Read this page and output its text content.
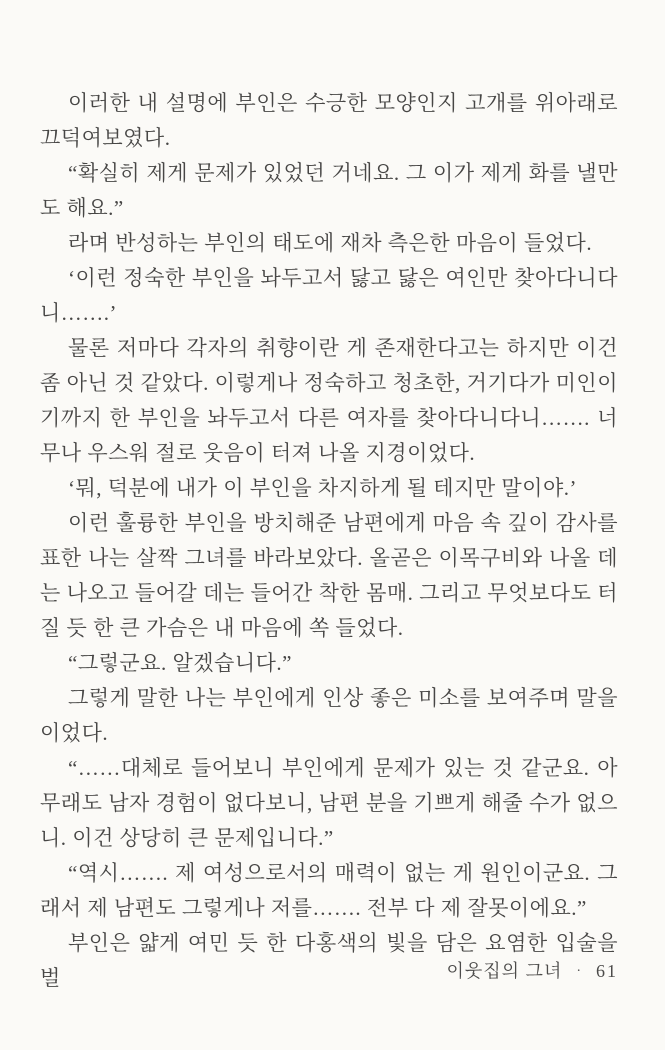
이러한 내 설명에 부인은 수긍한 모양인지 고개를 위아래로 끄덕여보였다.

“확실히 제게 문제가 있었던 거네요. 그 이가 제게 화를 낼만도 해요.”

라며 반성하는 부인의 태도에 재차 측은한 마음이 들었다.

‘이런 정숙한 부인을 놔두고서 닳고 닳은 여인만 찾아다니다니…….’

물론 저마다 각자의 취향이란 게 존재한다고는 하지만 이건 좀 아닌 것 같았다. 이렇게나 정숙하고 청초한, 거기다가 미인이기까지 한 부인을 놔두고서 다른 여자를 찾아다니다니……. 너무나 우스워 절로 웃음이 터져 나올 지경이었다.

‘뭐, 덕분에 내가 이 부인을 차지하게 될 테지만 말이야.’

이런 훌륭한 부인을 방치해준 남편에게 마음 속 깊이 감사를 표한 나는 살짝 그녀를 바라보았다. 올곧은 이목구비와 나올 데는 나오고 들어갈 데는 들어간 착한 몸매. 그리고 무엇보다도 터질 듯 한 큰 가슴은 내 마음에 쏙 들었다.

“그렇군요. 알겠습니다.”

그렇게 말한 나는 부인에게 인상 좋은 미소를 보여주며 말을 이었다.

“……대체로 들어보니 부인에게 문제가 있는 것 같군요. 아무래도 남자 경험이 없다보니, 남편 분을 기쁘게 해줄 수가 없으니. 이건 상당히 큰 문제입니다.”

“역시……. 제 여성으로서의 매력이 없는 게 원인이군요. 그래서 제 남편도 그렇게나 저를……. 전부 다 제 잘못이에요.”

부인은 얇게 여민 듯 한 다홍색의 빛을 담은 요염한 입술을 벌	이웃집의 그녀 · 61
